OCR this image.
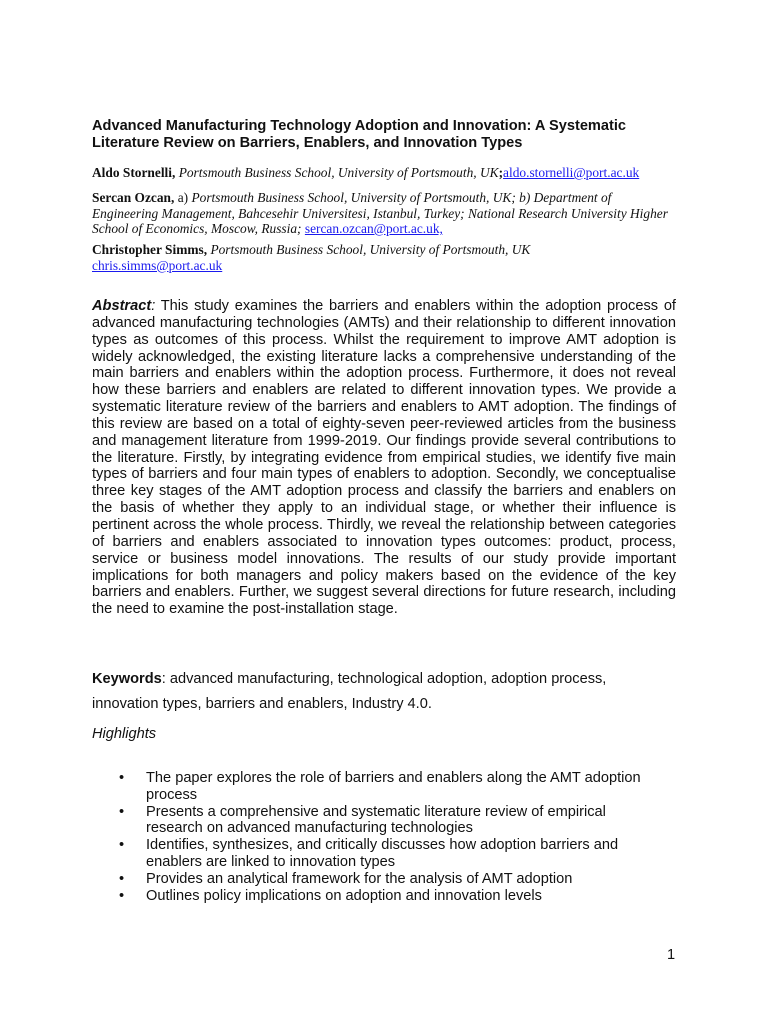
Advanced Manufacturing Technology Adoption and Innovation: A Systematic Literature Review on Barriers, Enablers, and Innovation Types
Aldo Stornelli, Portsmouth Business School, University of Portsmouth, UK;aldo.stornelli@port.ac.uk
Sercan Ozcan, a) Portsmouth Business School, University of Portsmouth, UK; b) Department of Engineering Management, Bahcesehir Universitesi, Istanbul, Turkey; National Research University Higher School of Economics, Moscow, Russia; sercan.ozcan@port.ac.uk,
Christopher Simms, Portsmouth Business School, University of Portsmouth, UK
chris.simms@port.ac.uk
Abstract: This study examines the barriers and enablers within the adoption process of advanced manufacturing technologies (AMTs) and their relationship to different innovation types as outcomes of this process. Whilst the requirement to improve AMT adoption is widely acknowledged, the existing literature lacks a comprehensive understanding of the main barriers and enablers within the adoption process. Furthermore, it does not reveal how these barriers and enablers are related to different innovation types. We provide a systematic literature review of the barriers and enablers to AMT adoption. The findings of this review are based on a total of eighty-seven peer-reviewed articles from the business and management literature from 1999-2019. Our findings provide several contributions to the literature. Firstly, by integrating evidence from empirical studies, we identify five main types of barriers and four main types of enablers to adoption. Secondly, we conceptualise three key stages of the AMT adoption process and classify the barriers and enablers on the basis of whether they apply to an individual stage, or whether their influence is pertinent across the whole process. Thirdly, we reveal the relationship between categories of barriers and enablers associated to innovation types outcomes: product, process, service or business model innovations. The results of our study provide important implications for both managers and policy makers based on the evidence of the key barriers and enablers. Further, we suggest several directions for future research, including the need to examine the post-installation stage.
Keywords: advanced manufacturing, technological adoption, adoption process,
innovation types, barriers and enablers, Industry 4.0.
Highlights
• The paper explores the role of barriers and enablers along the AMT adoption process
• Presents a comprehensive and systematic literature review of empirical research on advanced manufacturing technologies
• Identifies, synthesizes, and critically discusses how adoption barriers and enablers are linked to innovation types
• Provides an analytical framework for the analysis of AMT adoption
• Outlines policy implications on adoption and innovation levels
1
